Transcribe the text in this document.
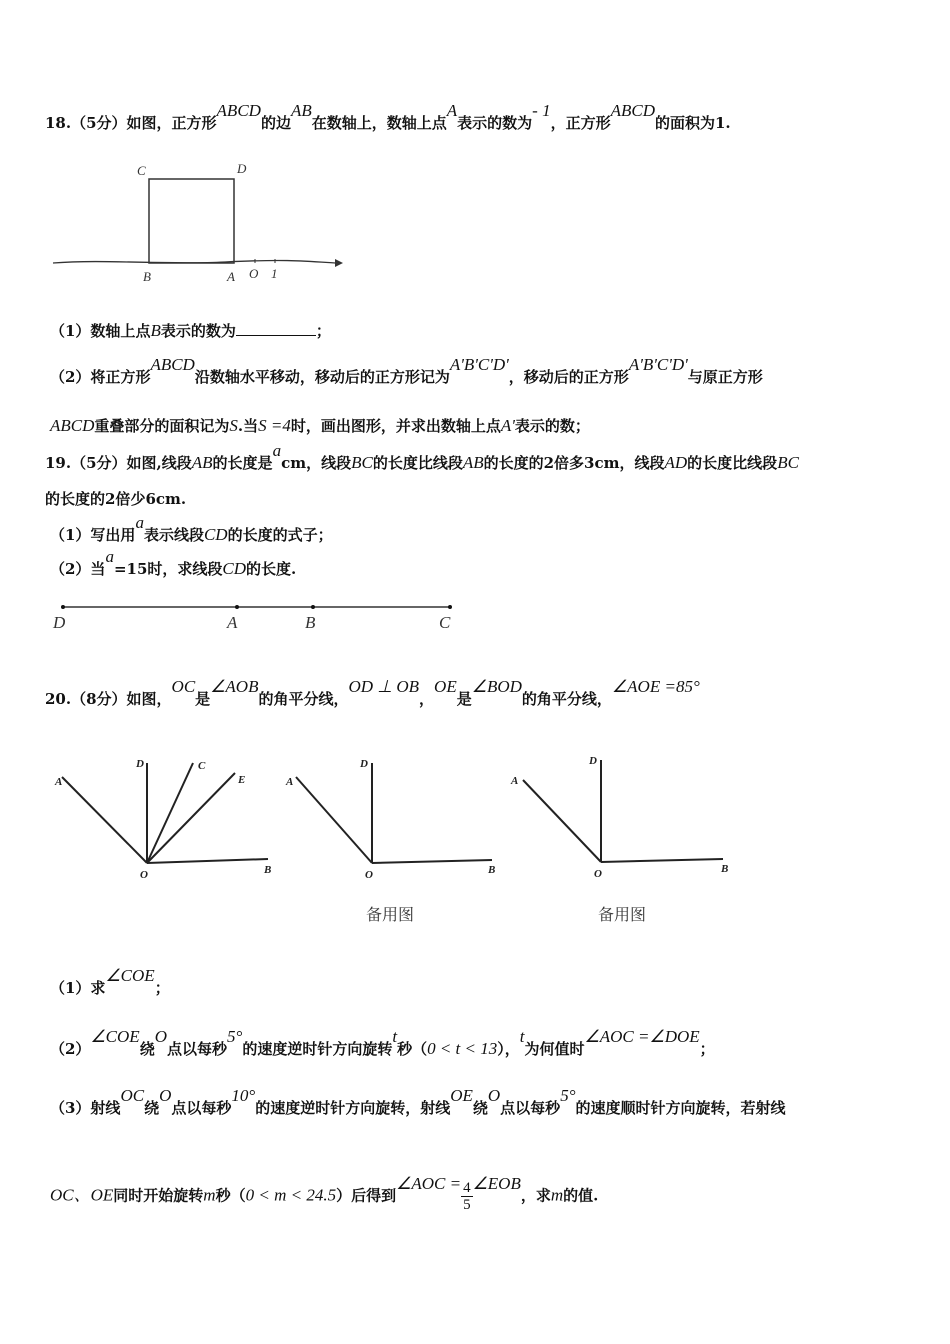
18.（5分）如图，正方形ABCD的边AB在数轴上，数轴上点A表示的数为- 1，正方形ABCD的面积为1.
C	D
B	A O 1
（1）数轴上点B表示的数为	；
（2）将正方形ABCD沿数轴水平移动，移动后的正方形记为A'B'C'D'，移动后的正方形A'B'C'D'与原正方形
ABCD重叠部分的面积记为S.当S =4时，画出图形，并求出数轴上点A'表示的数；
19.（5分）如图,线段AB的长度是acm，线段BC的长度比线段AB的长度的2倍多3cm，线段AD的长度比线段BC
的长度的2倍少6cm.
（1）写出用a表示线段CD的长度的式子；
（2）当a=15时，求线段CD的长度.
D	A	B	C
20.（8分）如图，OC是∠AOB的角平分线，OD ⊥ OB，OE是∠BOD的角平分线，∠AOE =85°
A
D	C
E
O	B
A
D
O	B
A
D
O	B
备用图	备用图
（1）求∠COE；
（2）∠COE绕O点以每秒5°的速度逆时针方向旋转t秒（0 < t < 13），t为何值时∠AOC =∠DOE；
（3）射线OC绕O点以每秒10°的速度逆时针方向旋转，射线OE绕O点以每秒5°的速度顺时针方向旋转，若射线
OC、OE同时开始旋转m秒（0 < m < 24.5）后得到∠AOC = $\frac{4}{5}$ ∠EOB，求m的值.
